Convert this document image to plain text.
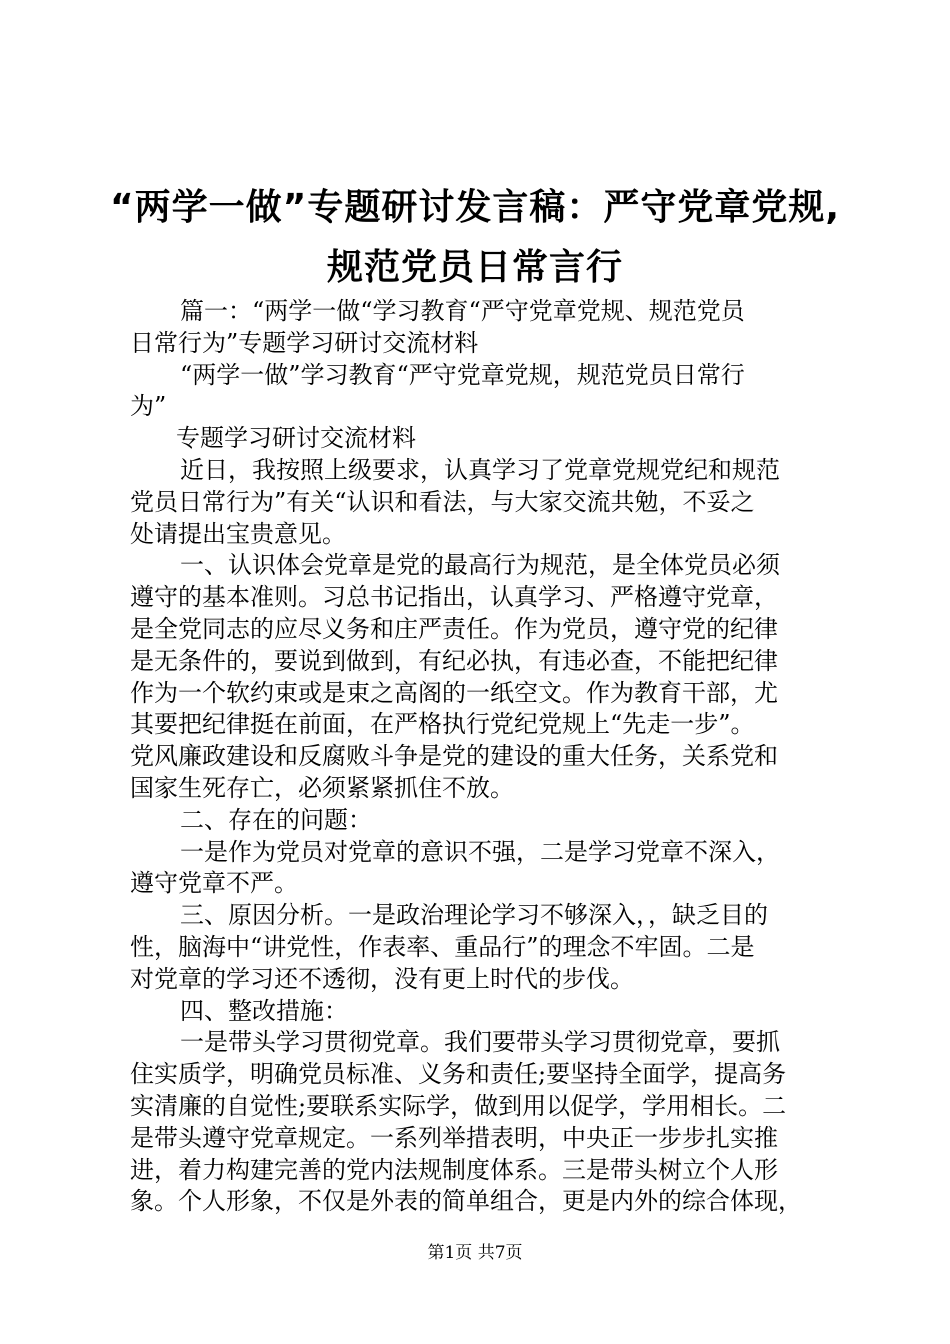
“两学一做”专题研讨发言稿：严守党章党规,
规范党员日常言行
篇一：“两学一做“学习教育“严守党章党规、规范党员
日常行为”专题学习研讨交流材料
“两学一做”学习教育“严守党章党规，规范党员日常行
为”
专题学习研讨交流材料
近日，我按照上级要求，认真学习了党章党规党纪和规范
党员日常行为”有关“认识和看法，与大家交流共勉，不妥之
处请提出宝贵意见。
一、认识体会党章是党的最高行为规范，是全体党员必须
遵守的基本准则。习总书记指出，认真学习、严格遵守党章，
是全党同志的应尽义务和庄严责任。作为党员，遵守党的纪律
是无条件的，要说到做到，有纪必执，有违必查，不能把纪律
作为一个软约束或是束之高阁的一纸空文。作为教育干部，尤
其要把纪律挺在前面，在严格执行党纪党规上“先走一步”。
党风廉政建设和反腐败斗争是党的建设的重大任务，关系党和
国家生死存亡，必须紧紧抓住不放。
二、存在的问题：
一是作为党员对党章的意识不强，二是学习党章不深入，
遵守党章不严。
三、原因分析。一是政治理论学习不够深入，，缺乏目的
性，脑海中“讲党性，作表率、重品行”的理念不牢固。二是
对党章的学习还不透彻，没有更上时代的步伐。
四、整改措施：
一是带头学习贯彻党章。我们要带头学习贯彻党章，要抓
住实质学，明确党员标准、义务和责任;要坚持全面学，提高务
实清廉的自觉性;要联系实际学，做到用以促学，学用相长。二
是带头遵守党章规定。一系列举措表明，中央正一步步扎实推
进，着力构建完善的党内法规制度体系。三是带头树立个人形
象。个人形象，不仅是外表的简单组合，更是内外的综合体现，
第1页 共7页
